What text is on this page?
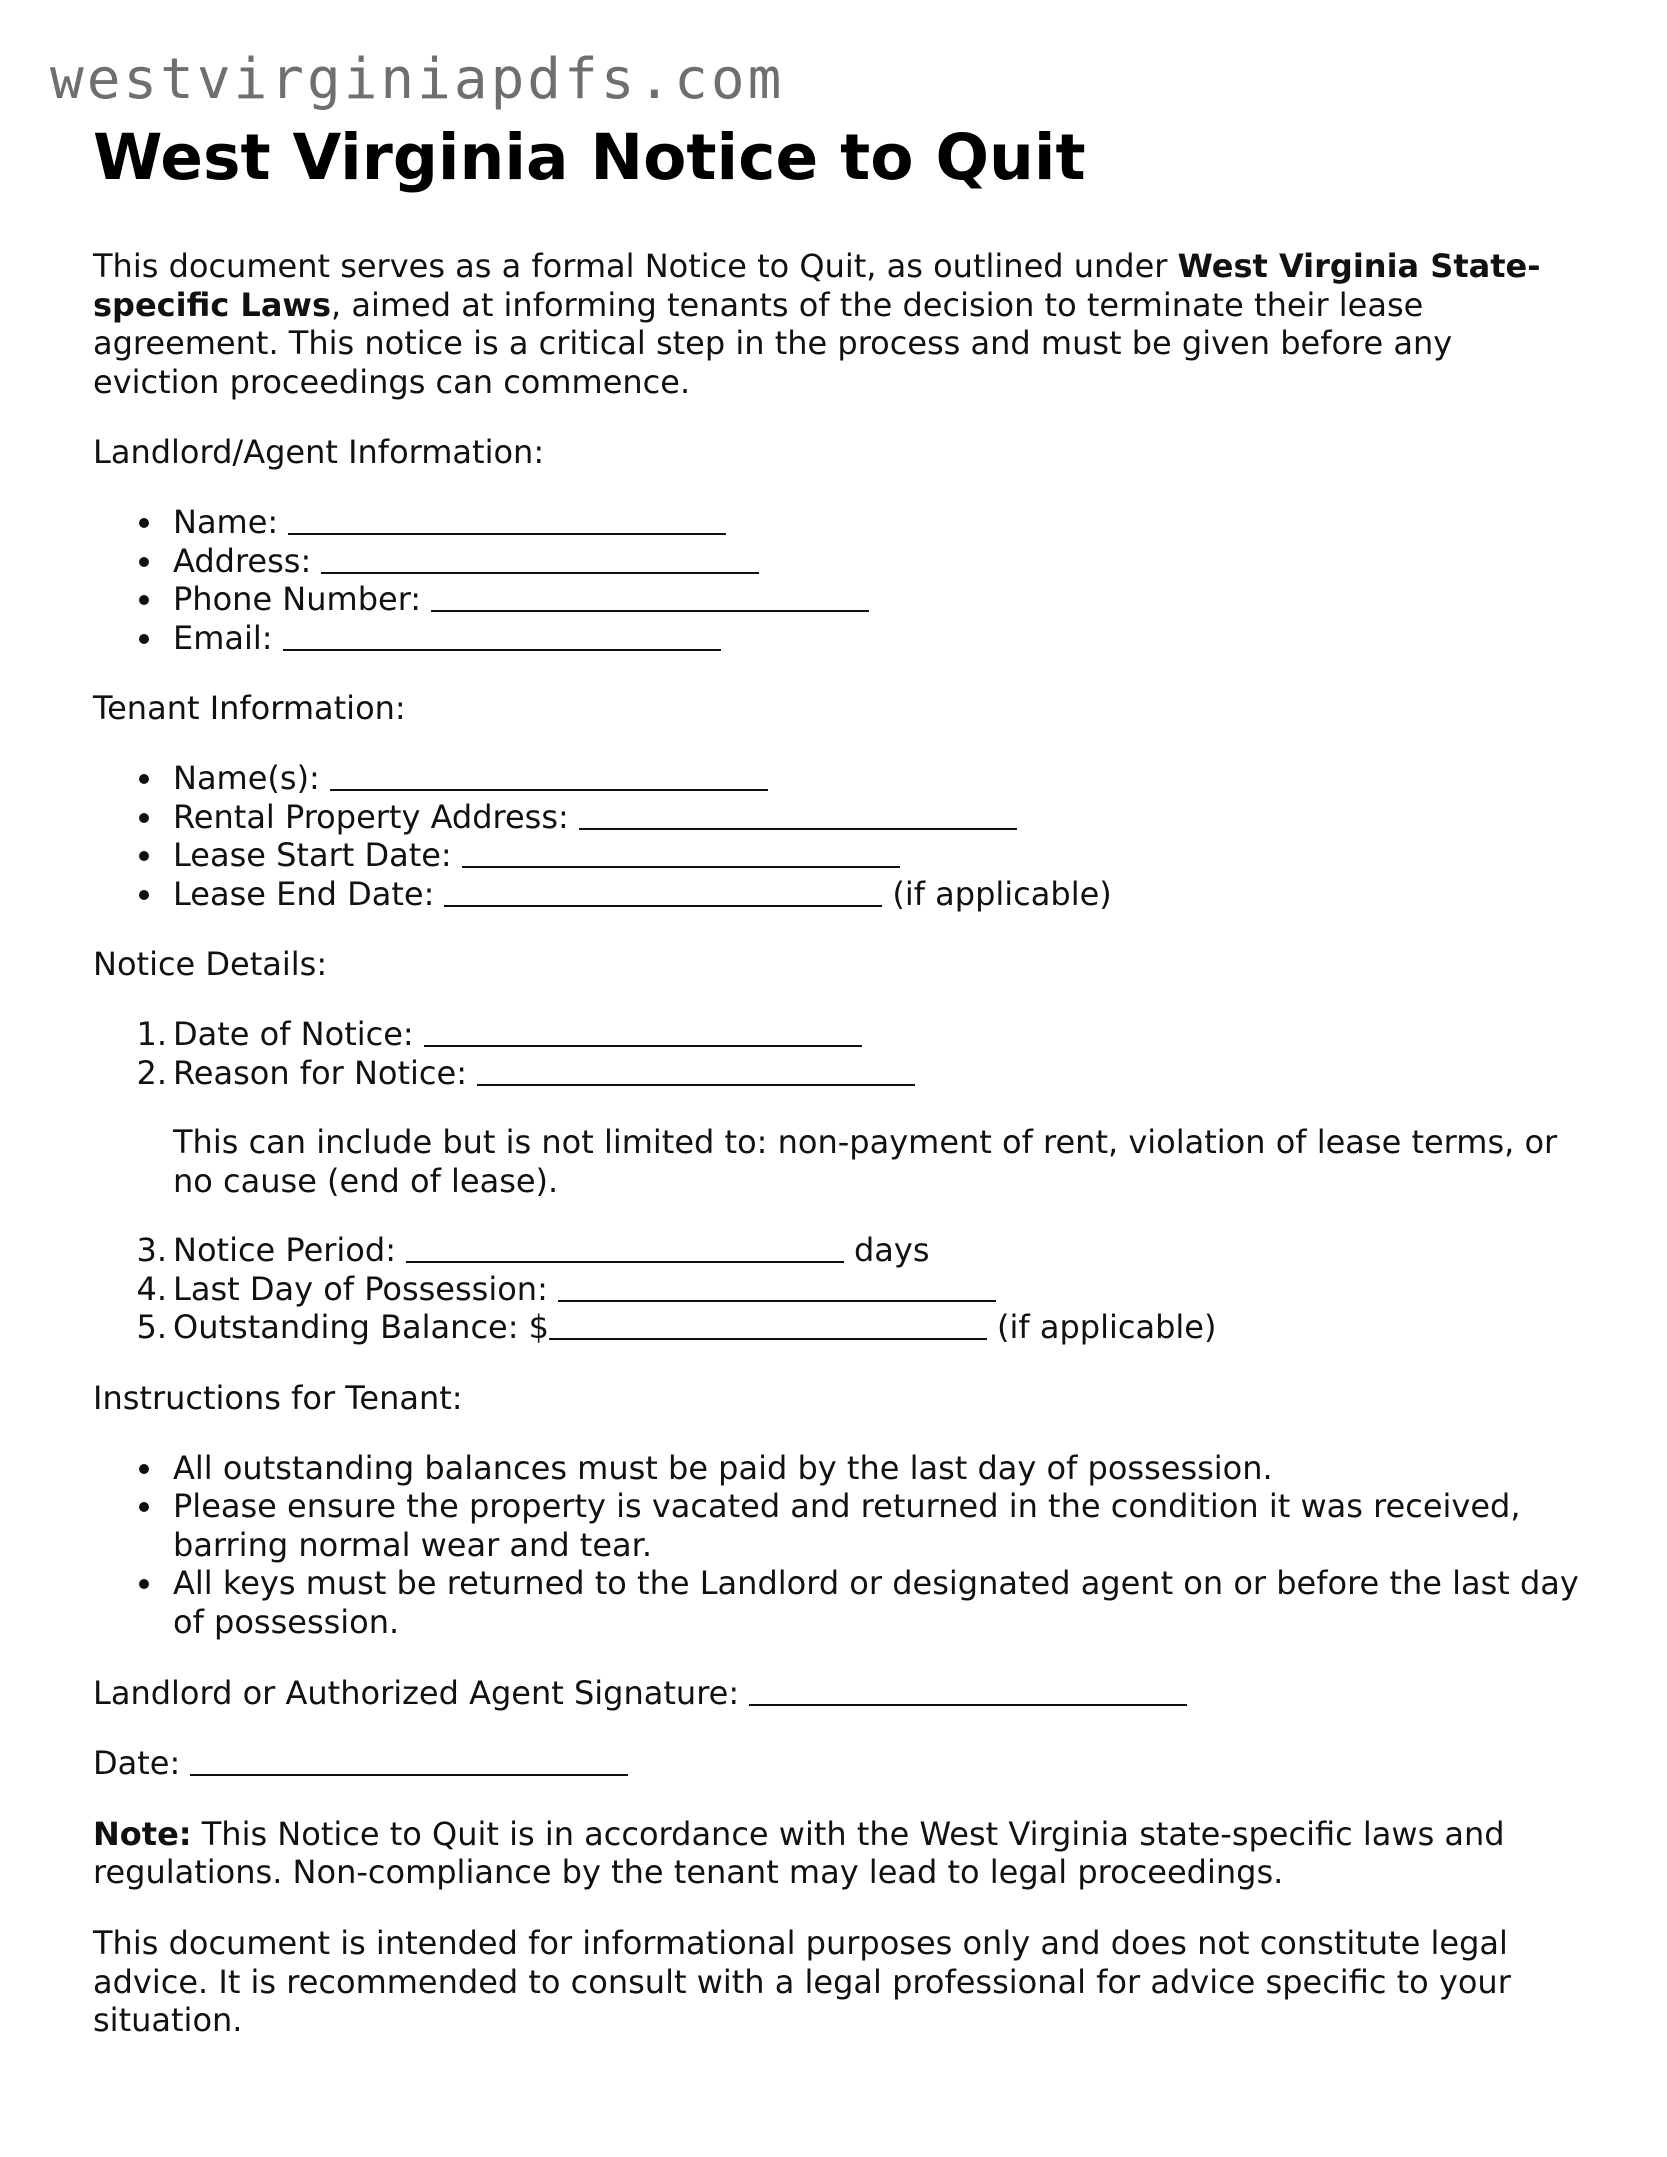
westvirginiapdfs.com
West Virginia Notice to Quit

This document serves as a formal Notice to Quit, as outlined under West Virginia State-specific Laws, aimed at informing tenants of the decision to terminate their lease agreement. This notice is a critical step in the process and must be given before any eviction proceedings can commence.

Landlord/Agent Information:

Name:
Address:
Phone Number:
Email:

Tenant Information:

Name(s):
Rental Property Address:
Lease Start Date:
Lease End Date:	(if applicable)

Notice Details:

1. Date of Notice:
2. Reason for Notice:

This can include but is not limited to: non-payment of rent, violation of lease terms, or no cause (end of lease).

3. Notice Period:	days
4. Last Day of Possession:
5. Outstanding Balance: $	(if applicable)

Instructions for Tenant:

All outstanding balances must be paid by the last day of possession.
Please ensure the property is vacated and returned in the condition it was received, barring normal wear and tear.
All keys must be returned to the Landlord or designated agent on or before the last day of possession.

Landlord or Authorized Agent Signature:

Date:

Note: This Notice to Quit is in accordance with the West Virginia state-specific laws and regulations. Non-compliance by the tenant may lead to legal proceedings.

This document is intended for informational purposes only and does not constitute legal advice. It is recommended to consult with a legal professional for advice specific to your situation.
